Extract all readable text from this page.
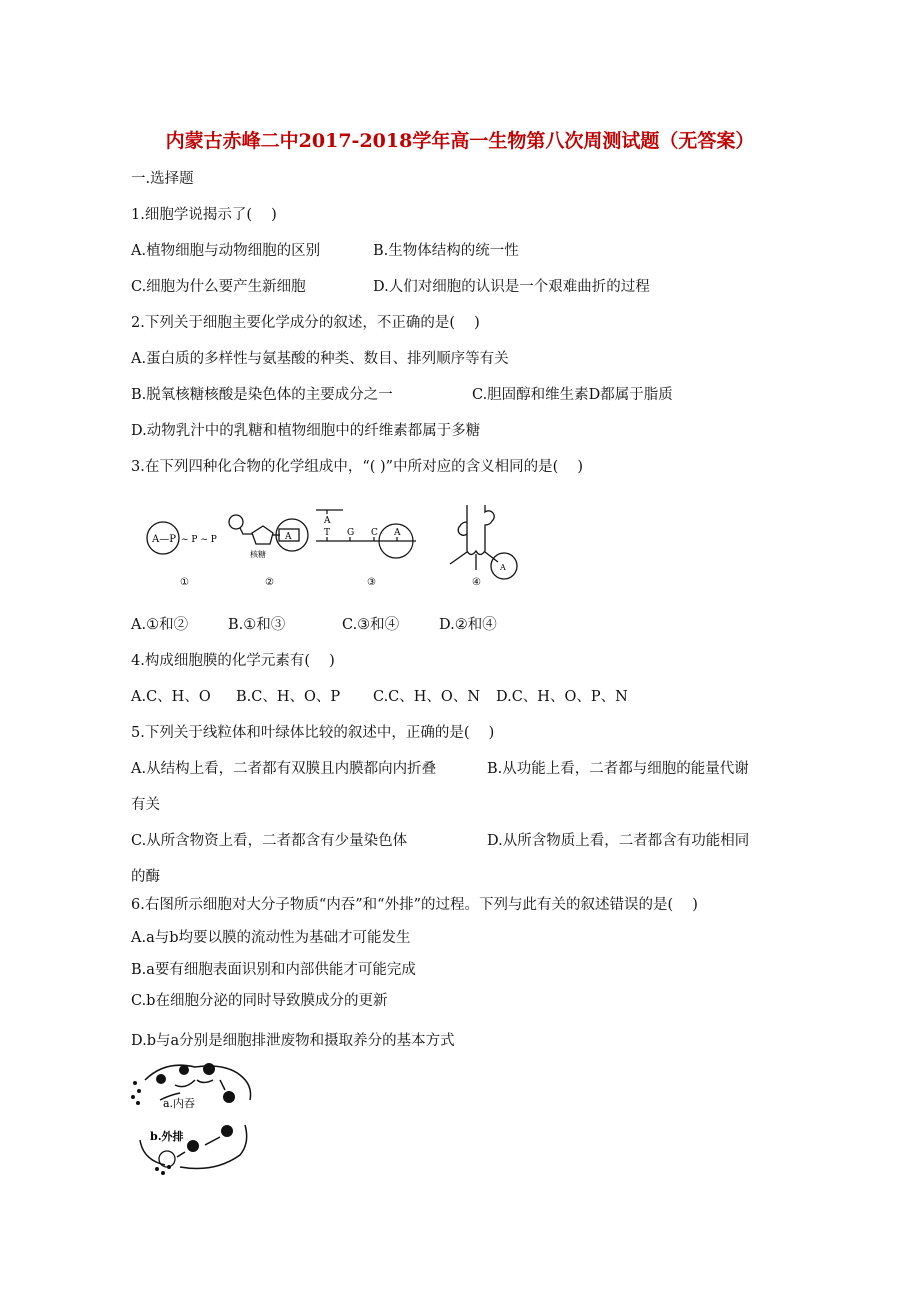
内蒙古赤峰二中2017-2018学年高一生物第八次周测试题（无答案）
一.选择题
1.细胞学说揭示了(　 )
A.植物细胞与动物细胞的区别	B.生物体结构的统一性
C.细胞为什么要产生新细胞	D.人们对细胞的认识是一个艰难曲折的过程
2.下列关于细胞主要化学成分的叙述，不正确的是(　 )
A.蛋白质的多样性与氨基酸的种类、数目、排列顺序等有关
B.脱氧核糖核酸是染色体的主要成分之一	C.胆固醇和维生素D都属于脂质
D.动物乳汁中的乳糖和植物细胞中的纤维素都属于多糖
3.在下列四种化合物的化学组成中，“( )”中所对应的含义相同的是(　 )
A—P ~ P ~ P	A
核糖
A
T G C A
A
①	②	③	④
A.①和②	B.①和③	C.③和④	D.②和④
4.构成细胞膜的化学元素有(　 )
A.C、H、O B.C、H、O、P C.C、H、O、N D.C、H、O、P、N
5.下列关于线粒体和叶绿体比较的叙述中，正确的是(　 )
A.从结构上看，二者都有双膜且内膜都向内折叠	B.从功能上看，二者都与细胞的能量代谢
有关
C.从所含物资上看，二者都含有少量染色体	D.从所含物质上看，二者都含有功能相同
的酶
6.右图所示细胞对大分子物质“内吞”和“外排”的过程。下列与此有关的叙述错误的是(　 )
A.a与b均要以膜的流动性为基础才可能发生
B.a要有细胞表面识别和内部供能才可能完成
C.b在细胞分泌的同时导致膜成分的更新
D.b与a分别是细胞排泄废物和摄取养分的基本方式
a.内吞
b.外排
